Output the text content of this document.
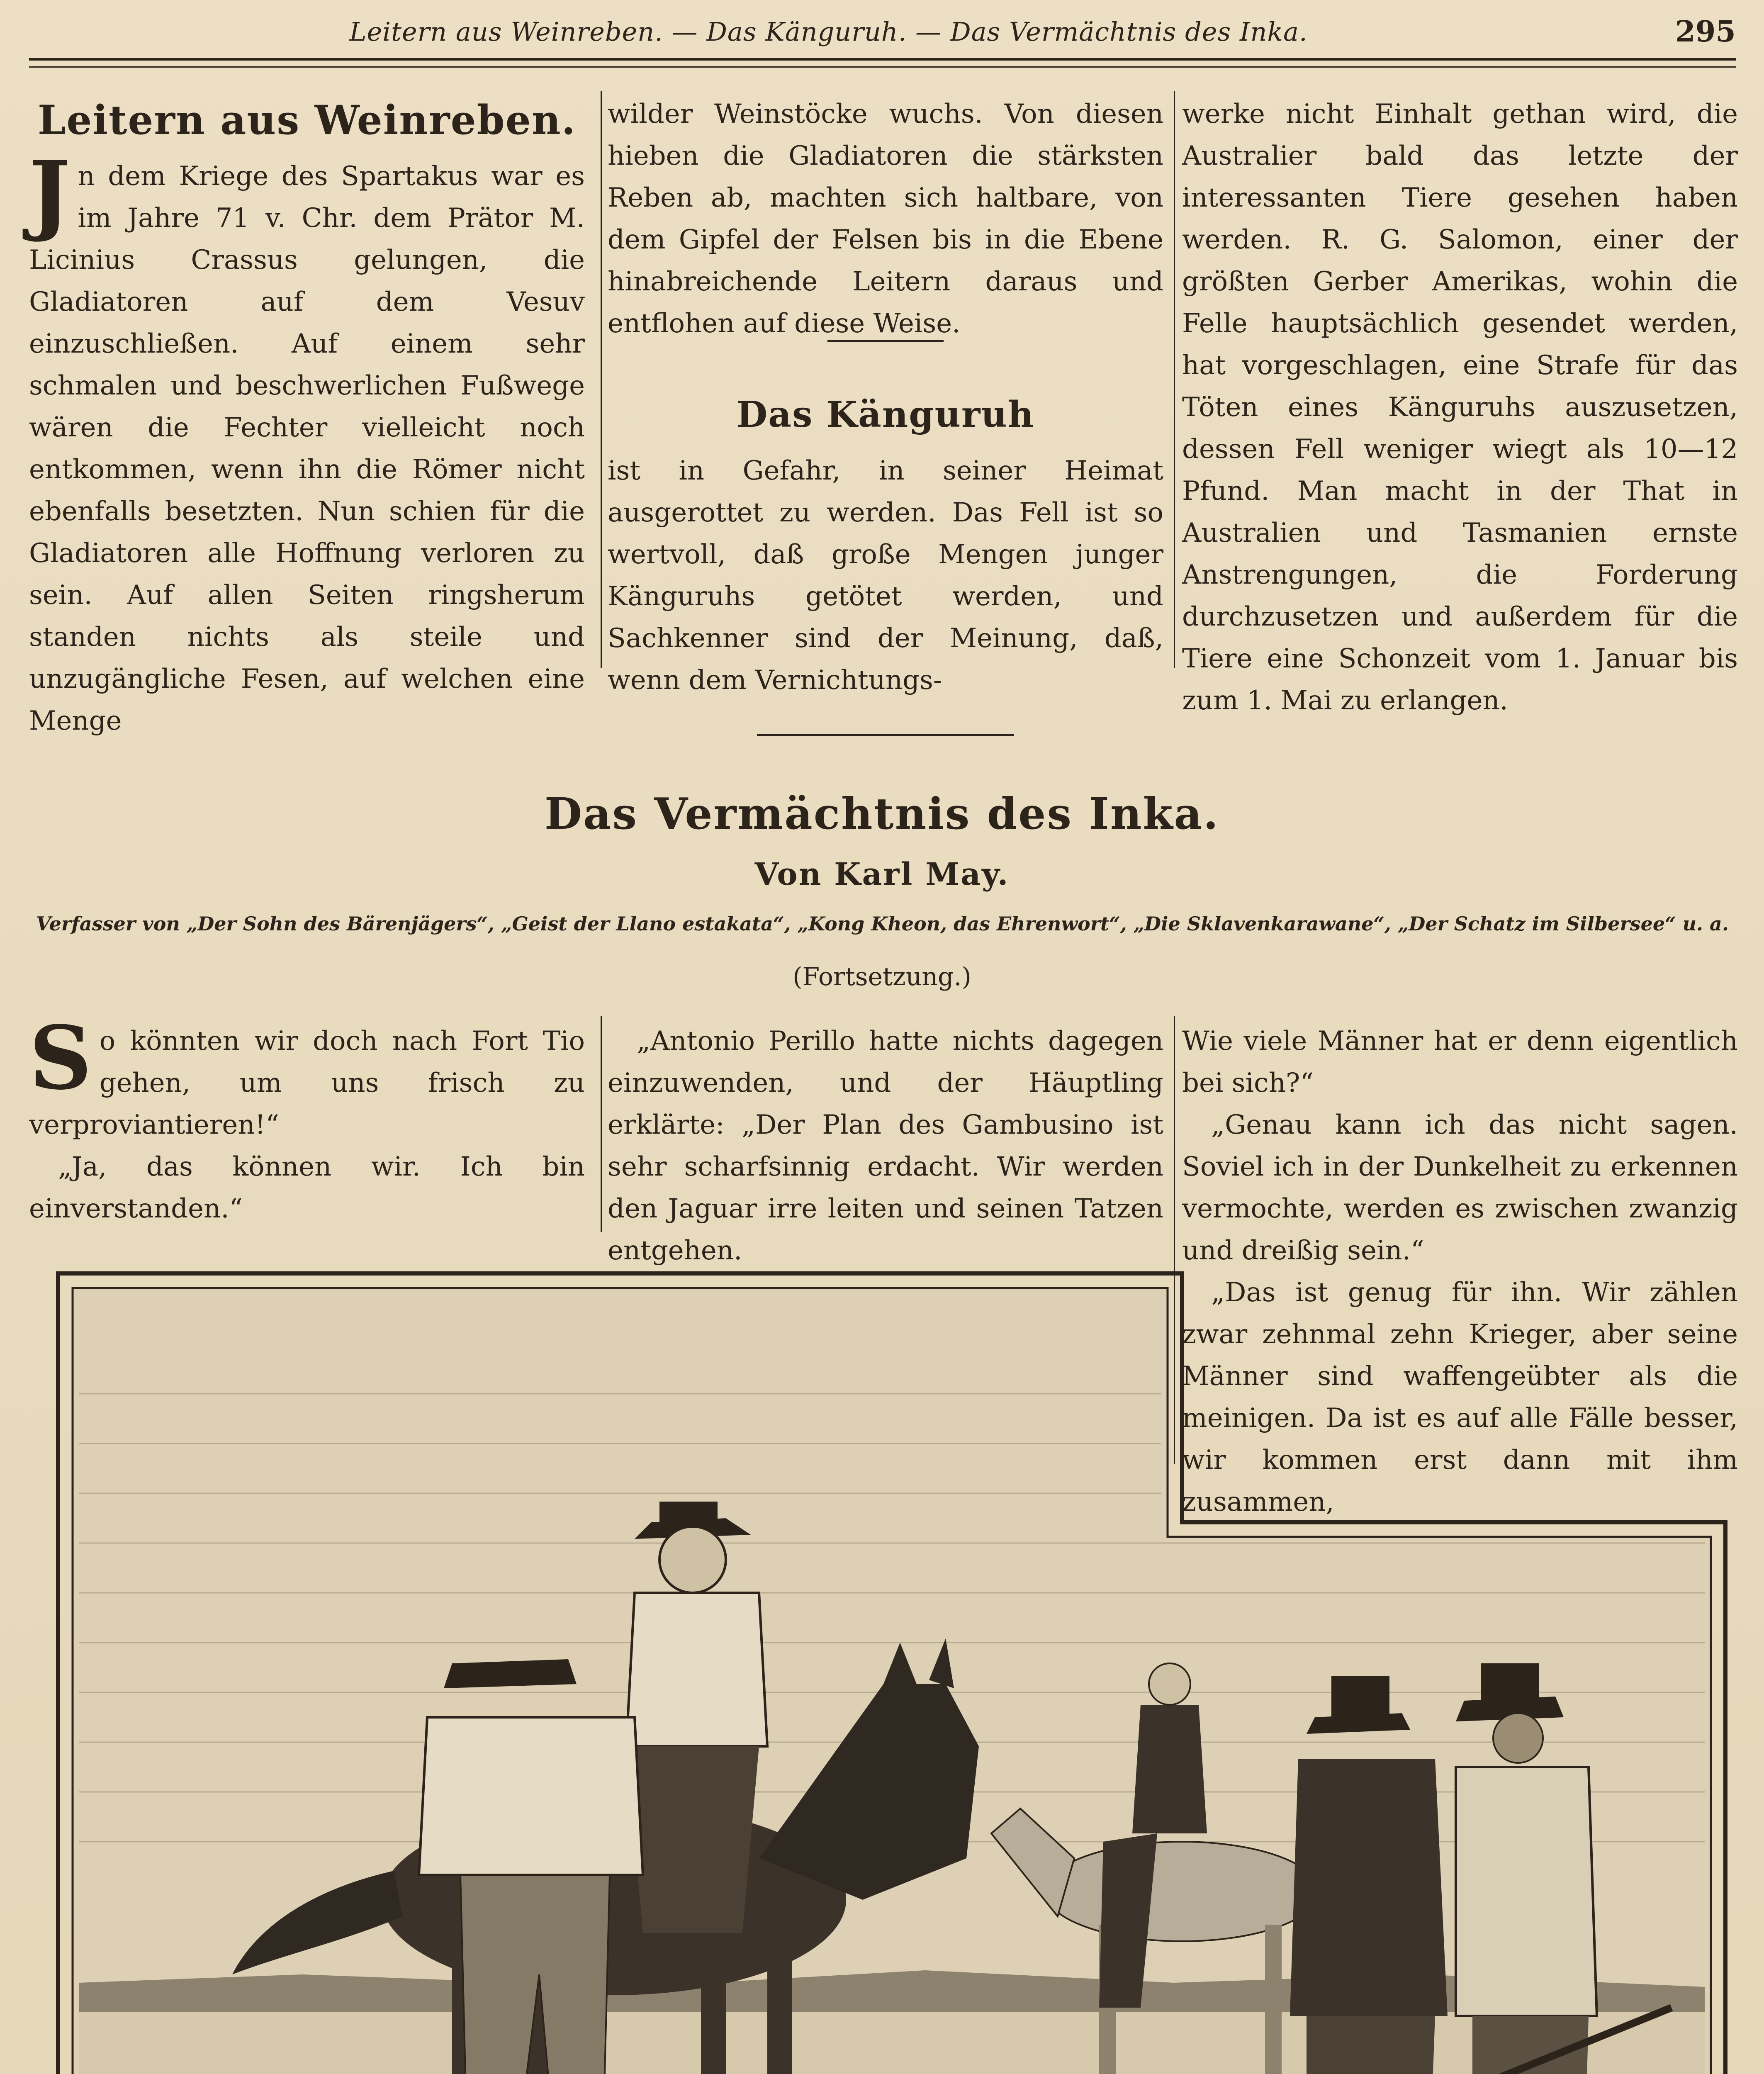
Leitern aus Weinreben. — Das Känguruh. — Das Vermächtnis des Inka.	295
Leitern aus Weinreben.

Jn dem Kriege des Spartakus war es im Jahre 71 v. Chr. dem Prätor M. Licinius Crassus gelungen, die Gladiatoren auf dem Vesuv einzuschließen. Auf einem sehr schmalen und beschwerlichen Fußwege wären die Fechter vielleicht noch entkommen, wenn ihn die Römer nicht ebenfalls besetzten. Nun schien für die Gladiatoren alle Hoffnung verloren zu sein. Auf allen Seiten ringsherum standen nichts als steile und unzugängliche Fesen, auf welchen eine Menge

wilder Weinstöcke wuchs. Von diesen hieben die Gladiatoren die stärksten Reben ab, machten sich haltbare, von dem Gipfel der Felsen bis in die Ebene hinabreichende Leitern daraus und entflohen auf diese Weise.

Das Känguruh

ist in Gefahr, in seiner Heimat ausgerottet zu werden. Das Fell ist so wertvoll, daß große Mengen junger Känguruhs getötet werden, und Sachkenner sind der Meinung, daß, wenn dem Vernichtungs-

werke nicht Einhalt gethan wird, die Australier bald das letzte der interessanten Tiere gesehen haben werden. R. G. Salomon, einer der größten Gerber Amerikas, wohin die Felle hauptsächlich gesendet werden, hat vorgeschlagen, eine Strafe für das Töten eines Känguruhs auszusetzen, dessen Fell weniger wiegt als 10—12 Pfund. Man macht in der That in Australien und Tasmanien ernste Anstrengungen, die Forderung durchzusetzen und außerdem für die Tiere eine Schonzeit vom 1. Januar bis zum 1. Mai zu erlangen.

Das Vermächtnis des Inka.
Von Karl May.
Verfasser von „Der Sohn des Bärenjägers“, „Geist der Llano estakata“, „Kong Kheon, das Ehrenwort“, „Die Sklavenkarawane“, „Der Schatz im Silbersee“ u. a.
(Fortsetzung.)

So könnten wir doch nach Fort Tio gehen, um uns frisch zu verproviantieren!“

„Ja, das können wir. Ich bin einverstanden.“

„Antonio Perillo hatte nichts dagegen einzuwenden, und der Häuptling erklärte: „Der Plan des Gambusino ist sehr scharfsinnig erdacht. Wir werden den Jaguar irre leiten und seinen Tatzen entgehen.

Wie viele Männer hat er denn eigentlich bei sich?“

„Genau kann ich das nicht sagen. Soviel ich in der Dunkelheit zu erkennen vermochte, werden es zwischen zwanzig und dreißig sein.“

„Das ist genug für ihn. Wir zählen zwar zehnmal zehn Krieger, aber seine Männer sind waffengeübter als die meinigen. Da ist es auf alle Fälle besser, wir kommen erst dann mit ihm zusammen,
